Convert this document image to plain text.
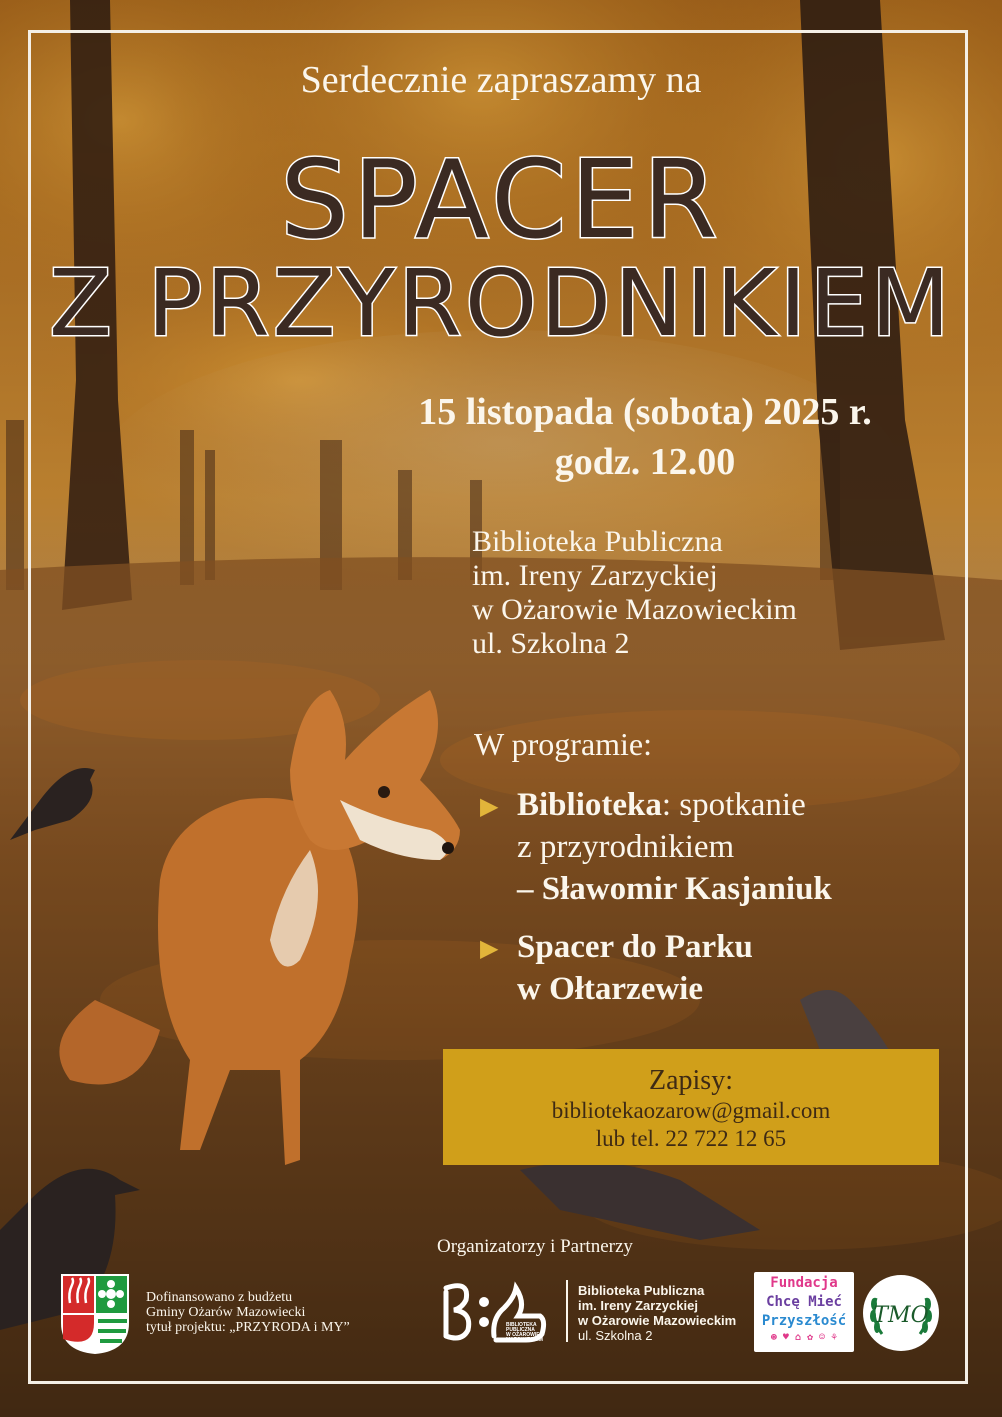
Serdecznie zapraszamy na
SPACER
Z PRZYRODNIKIEM
15 listopada (sobota) 2025 r.
godz. 12.00
Biblioteka Publiczna
im. Ireny Zarzyckiej
w Ożarowie Mazowieckim
ul. Szkolna 2
W programie:
▶ Biblioteka: spotkanie
z przyrodnikiem
– Sławomir Kasjaniuk
▶ Spacer do Parku
w Ołtarzewie
Zapisy:
bibliotekaozarow@gmail.com
lub tel. 22 722 12 65
Organizatorzy i Partnerzy
Dofinansowano z budżetu
Gminy Ożarów Mazowiecki
tytuł projektu: „PRZYRODA i MY”	BIBLIOTEKA
PUBLICZNA
W OŻAROWIE
MAZOWIECKIM
Biblioteka Publiczna
im. Ireny Zarzyckiej
w Ożarowie Mazowieckim
ul. Szkolna 2
Fundacja
Chcę Mieć
Przyszłość
⊛ ♥ ⌂ ✿ ☺ ⚘
TMO
